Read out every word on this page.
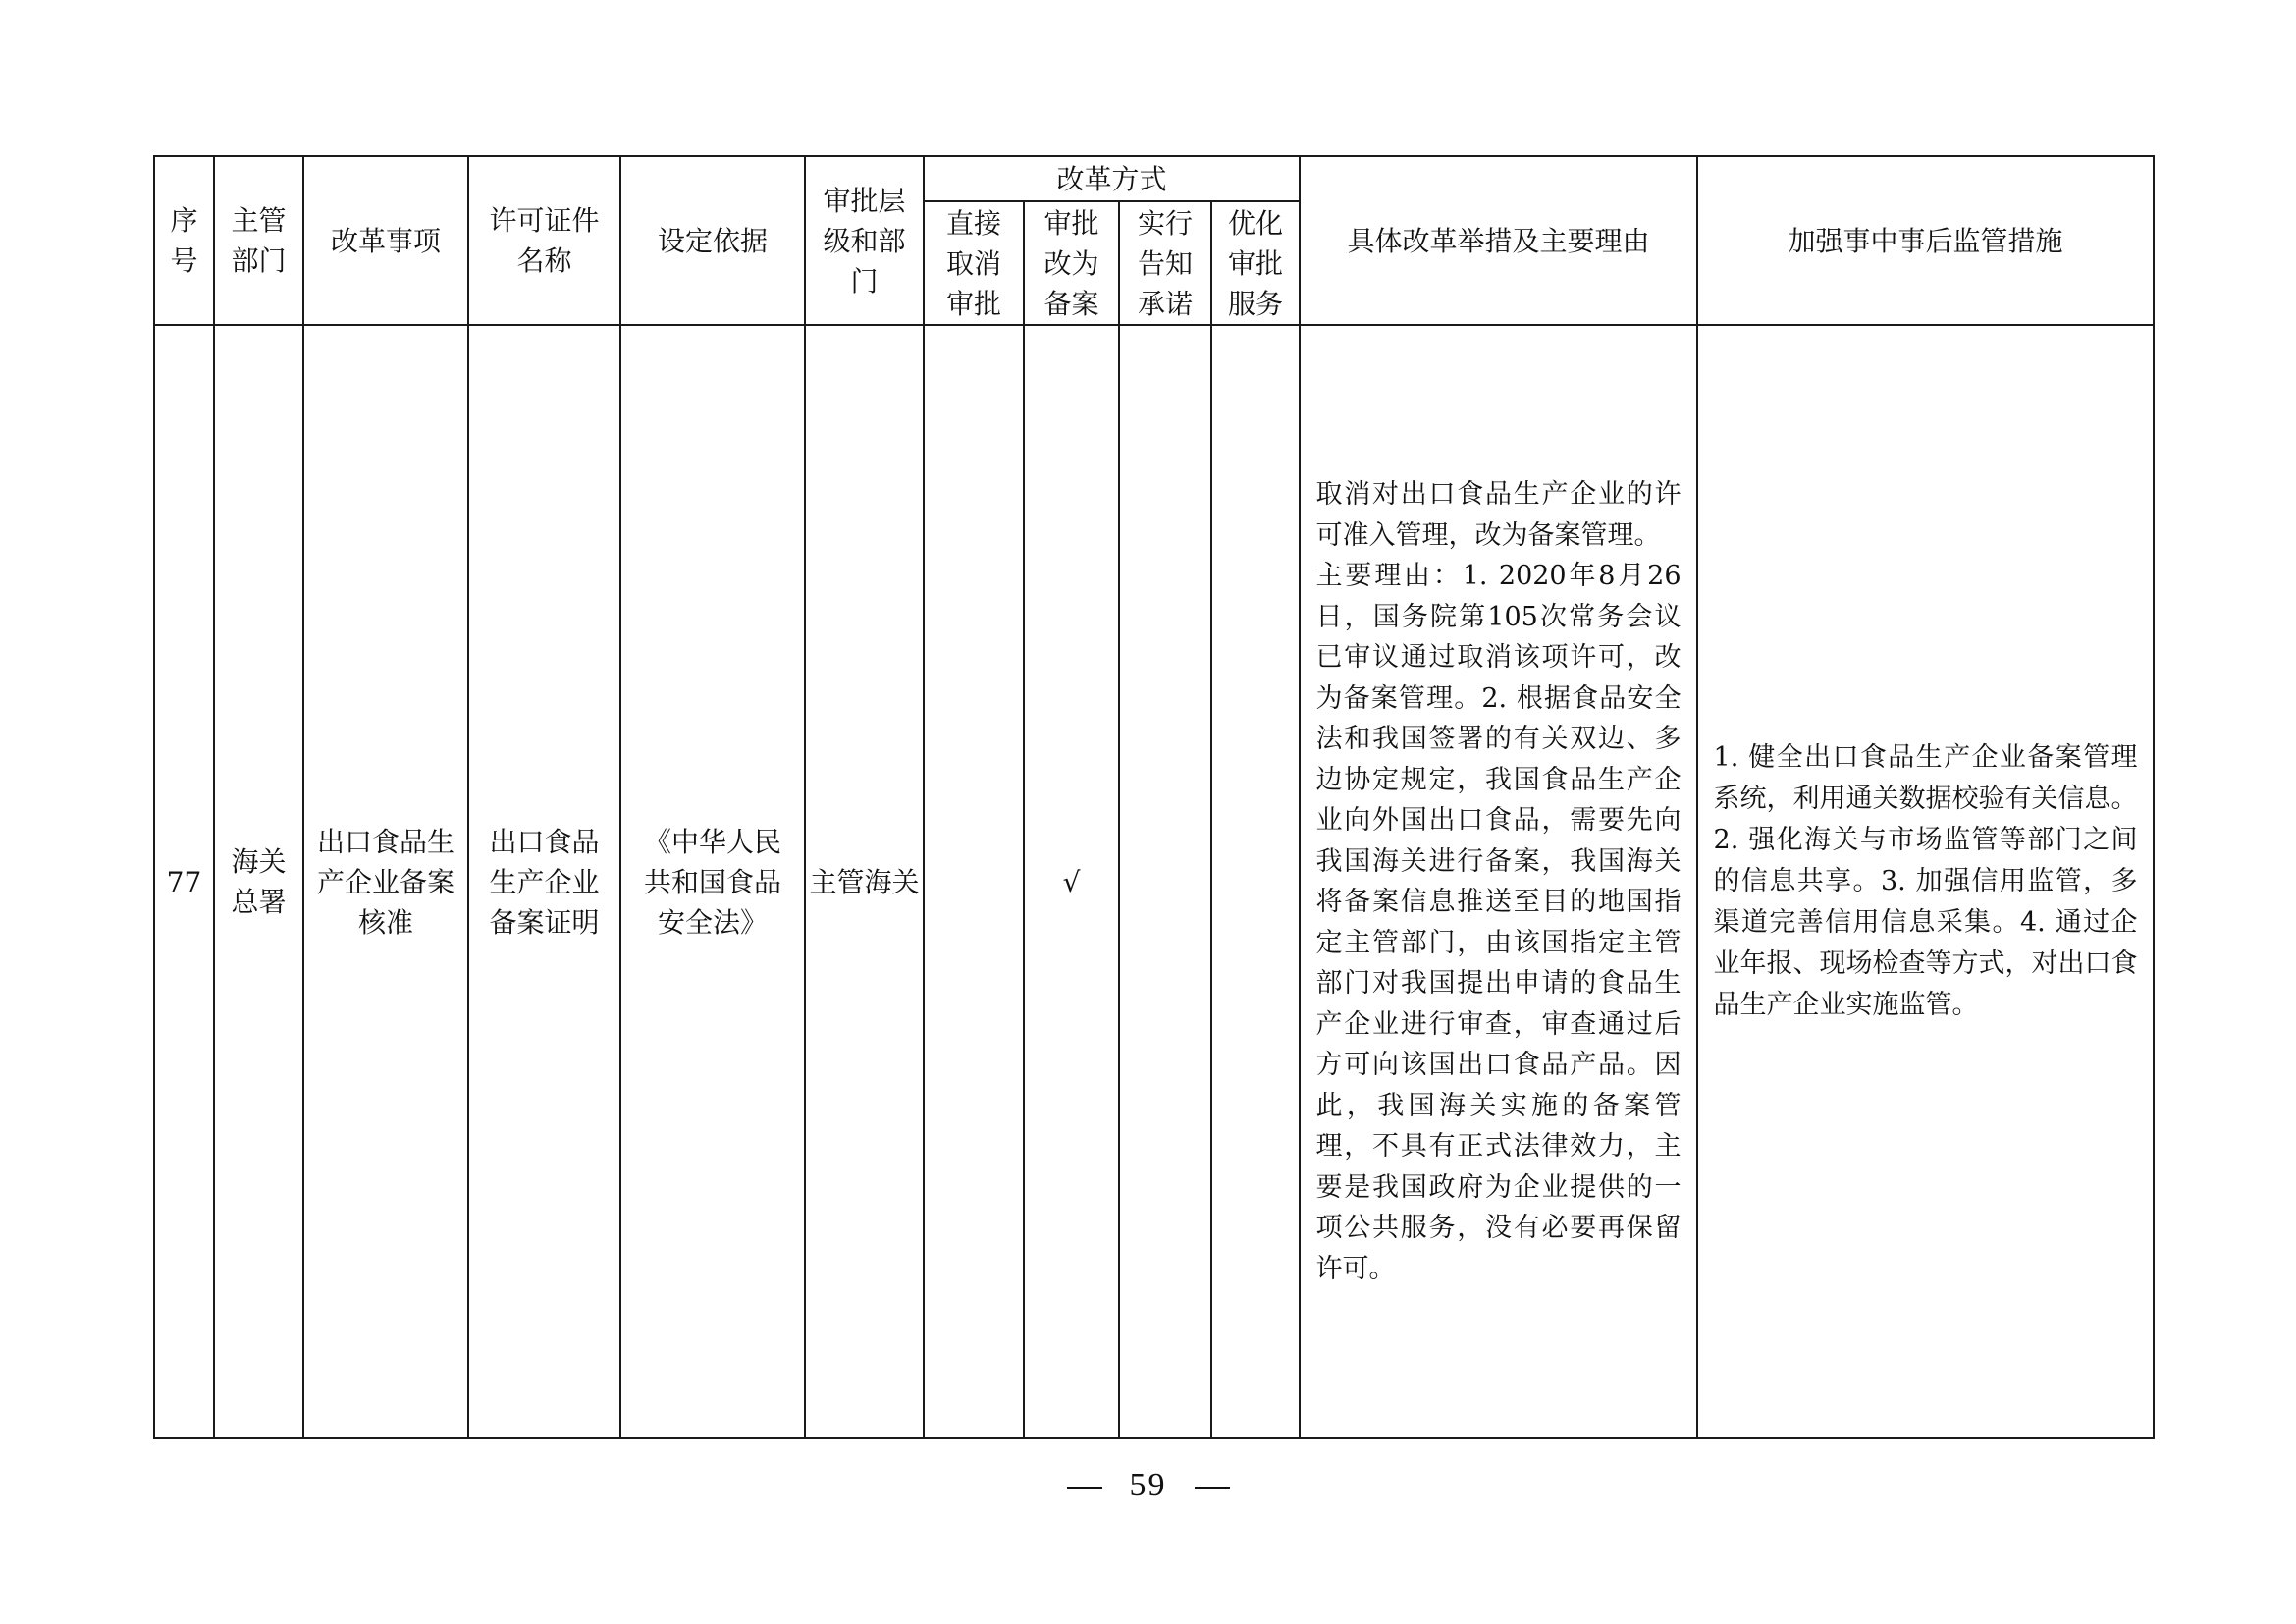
序号	主管部门	改革事项	许可证件名称	设定依据	审批层级和部门	改革方式				具体改革举措及主要理由	加强事中事后监管措施

						直接取消审批	审批改为备案	实行告知承诺	优化审批服务		

77	海关总署	出口食品生产企业备案核准	出口食品生产企业备案证明	《中华人民共和国食品安全法》	主管海关		√			取消对出口食品生产企业的许可准入管理，改为备案管理。
主要理由：1. 2020年8月26日，国务院第105次常务会议已审议通过取消该项许可，改为备案管理。2. 根据食品安全法和我国签署的有关双边、多边协定规定，我国食品生产企业向外国出口食品，需要先向我国海关进行备案，我国海关将备案信息推送至目的地国指定主管部门，由该国指定主管部门对我国提出申请的食品生产企业进行审查，审查通过后方可向该国出口食品产品。因此，我国海关实施的备案管理，不具有正式法律效力，主要是我国政府为企业提供的一项公共服务，没有必要再保留许可。	1. 健全出口食品生产企业备案管理系统，利用通关数据校验有关信息。2. 强化海关与市场监管等部门之间的信息共享。3. 加强信用监管，多渠道完善信用信息采集。4. 通过企业年报、现场检查等方式，对出口食品生产企业实施监管。
59
